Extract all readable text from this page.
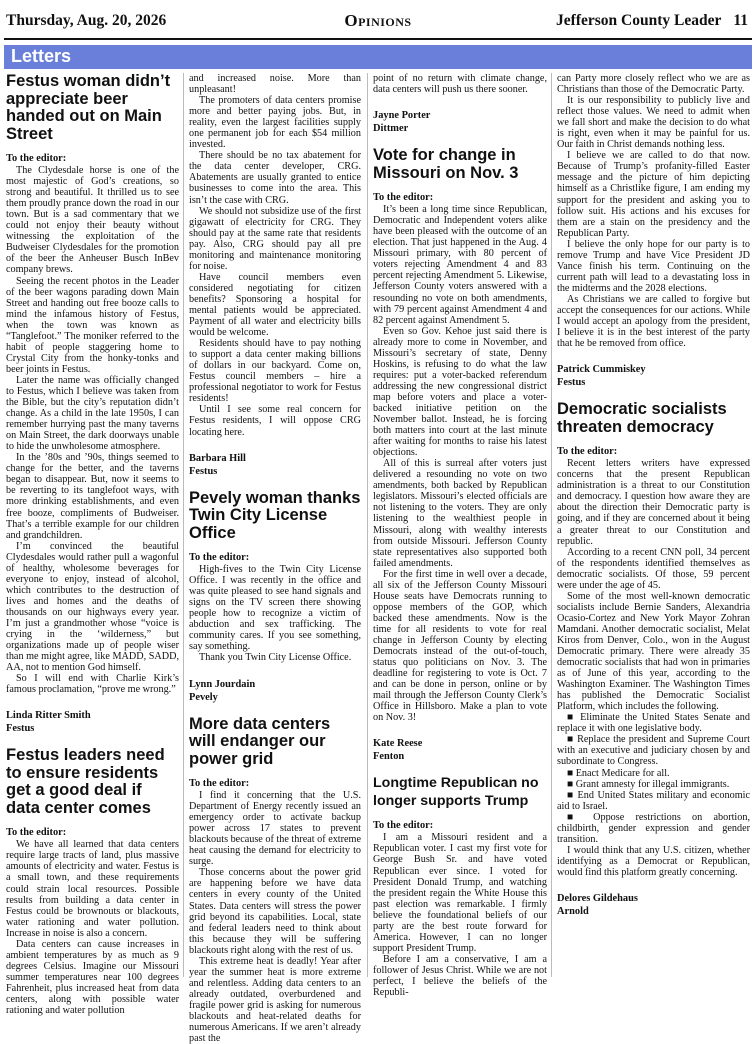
Thursday, Aug. 20, 2026	Opinions	Jefferson County Leader 11
Letters
Festus woman didn’t appreciate beer handed out on Main Street
To the editor:

The Clydesdale horse is one of the most majestic of God’s creations, so strong and beautiful. It thrilled us to see them proudly prance down the road in our town. But is a sad commentary that we could not enjoy their beauty without witnessing the exploitation of the Budweiser Clydesdales for the promotion of the beer the Anheuser Busch InBev company brews.

Seeing the recent photos in the Leader of the beer wagons parading down Main Street and handing out free booze calls to mind the infamous history of Festus, when the town was known as “Tanglefoot.” The moniker referred to the habit of people staggering home to Crystal City from the honky-tonks and beer joints in Festus.

Later the name was officially changed to Festus, which I believe was taken from the Bible, but the city’s reputation didn’t change. As a child in the late 1950s, I can remember hurrying past the many taverns on Main Street, the dark doorways unable to hide the unwholesome atmosphere.

In the ’80s and ’90s, things seemed to change for the better, and the taverns began to disappear. But, now it seems to be reverting to its tanglefoot ways, with more drinking establishments, and even free booze, compliments of Budweiser. That’s a terrible example for our children and grandchildren.

I’m convinced the beautiful Clydesdales would rather pull a wagonful of healthy, wholesome beverages for everyone to enjoy, instead of alcohol, which contributes to the destruction of lives and homes and the deaths of thousands on our highways every year. I’m just a grandmother whose “voice is crying in the ‘wilderness,” but organizations made up of people wiser than me might agree, like MADD, SADD, AA, not to mention God himself.

So I will end with Charlie Kirk’s famous proclamation, “prove me wrong.”

Linda Ritter Smith
Festus
Festus leaders need to ensure residents get a good deal if data center comes
To the editor:

We have all learned that data centers require large tracts of land, plus massive amounts of electricity and water. Festus is a small town, and these requirements could strain local resources. Possible results from building a data center in Festus could be brownouts or blackouts, water rationing and water pollution. Increase in noise is also a concern.

Data centers can cause increases in ambient temperatures by as much as 9 degrees Celsius. Imagine our Missouri summer temperatures near 100 degrees Fahrenheit, plus increased heat from data centers, along with possible water rationing and water pollution

and increased noise. More than unpleasant!

The promoters of data centers promise more and better paying jobs. But, in reality, even the largest facilities supply one permanent job for each $54 million invested.

There should be no tax abatement for the data center developer, CRG. Abatements are usually granted to entice businesses to come into the area. This isn’t the case with CRG.

We should not subsidize use of the first gigawatt of electricity for CRG. They should pay at the same rate that residents pay. Also, CRG should pay all pre monitoring and maintenance monitoring for noise.

Have council members even considered negotiating for citizen benefits? Sponsoring a hospital for mental patients would be appreciated. Payment of all water and electricity bills would be welcome.

Residents should have to pay nothing to support a data center making billions of dollars in our backyard. Come on, Festus council members – hire a professional negotiator to work for Festus residents!

Until I see some real concern for Festus residents, I will oppose CRG locating here.

Barbara Hill
Festus
Pevely woman thanks Twin City License Office
To the editor:

High-fives to the Twin City License Office. I was recently in the office and was quite pleased to see hand signals and signs on the TV screen there showing people how to recognize a victim of abduction and sex trafficking. The community cares. If you see something, say something.

Thank you Twin City License Office.

Lynn Jourdain
Pevely
More data centers will endanger our power grid
To the editor:

I find it concerning that the U.S. Department of Energy recently issued an emergency order to activate backup power across 17 states to prevent blackouts because of the threat of extreme heat causing the demand for electricity to surge.

Those concerns about the power grid are happening before we have data centers in every county of the United States. Data centers will stress the power grid beyond its capabilities. Local, state and federal leaders need to think about this because they will be suffering blackouts right along with the rest of us.

This extreme heat is deadly! Year after year the summer heat is more extreme and relentless. Adding data centers to an already outdated, overburdened and fragile power grid is asking for numerous blackouts and heat-related deaths for numerous Americans. If we aren’t already past the

point of no return with climate change, data centers will push us there sooner.

Jayne Porter
Dittmer
Vote for change in Missouri on Nov. 3
To the editor:

It’s been a long time since Republican, Democratic and Independent voters alike have been pleased with the outcome of an election. That just happened in the Aug. 4 Missouri primary, with 80 percent of voters rejecting Amendment 4 and 83 percent rejecting Amendment 5. Likewise, Jefferson County voters answered with a resounding no vote on both amendments, with 79 percent against Amendment 4 and 82 percent against Amendment 5.

Even so Gov. Kehoe just said there is already more to come in November, and Missouri’s secretary of state, Denny Hoskins, is refusing to do what the law requires: put a voter-backed referendum addressing the new congressional district map before voters and place a voter-backed initiative petition on the November ballot. Instead, he is forcing both matters into court at the last minute after waiting for months to raise his latest objections.

All of this is surreal after voters just delivered a resounding no vote on two amendments, both backed by Republican legislators. Missouri’s elected officials are not listening to the voters. They are only listening to the wealthiest people in Missouri, along with wealthy interests from outside Missouri. Jefferson County state representatives also supported both failed amendments.

For the first time in well over a decade, all six of the Jefferson County Missouri House seats have Democrats running to oppose members of the GOP, which backed these amendments. Now is the time for all residents to vote for real change in Jefferson County by electing Democrats instead of the out-of-touch, status quo politicians on Nov. 3. The deadline for registering to vote is Oct. 7 and can be done in person, online or by mail through the Jefferson County Clerk’s Office in Hillsboro. Make a plan to vote on Nov. 3!

Kate Reese
Fenton
Longtime Republican no longer supports Trump
To the editor:

I am a Missouri resident and a Republican voter. I cast my first vote for George Bush Sr. and have voted Republican ever since. I voted for President Donald Trump, and watching the president regain the White House this past election was remarkable. I firmly believe the foundational beliefs of our party are the best route forward for America. However, I can no longer support President Trump.

Before I am a conservative, I am a follower of Jesus Christ. While we are not perfect, I believe the beliefs of the Republi-

can Party more closely reflect who we are as Christians than those of the Democratic Party.

It is our responsibility to publicly live and reflect those values. We need to admit when we fall short and make the decision to do what is right, even when it may be painful for us. Our faith in Christ demands nothing less.

I believe we are called to do that now. Because of Trump’s profanity-filled Easter message and the picture of him depicting himself as a Christlike figure, I am ending my support for the president and asking you to follow suit. His actions and his excuses for them are a stain on the presidency and the Republican Party.

I believe the only hope for our party is to remove Trump and have Vice President JD Vance finish his term. Continuing on the current path will lead to a devastating loss in the midterms and the 2028 elections.

As Christians we are called to forgive but accept the consequences for our actions. While I would accept an apology from the president, I believe it is in the best interest of the party that he be removed from office.

Patrick Cummiskey
Festus
Democratic socialists threaten democracy
To the editor:

Recent letters writers have expressed concerns that the present Republican administration is a threat to our Constitution and democracy. I question how aware they are about the direction their Democratic party is going, and if they are concerned about it being a greater threat to our Constitution and republic.

According to a recent CNN poll, 34 percent of the respondents identified themselves as democratic socialists. Of those, 59 percent were under the age of 45.

Some of the most well-known democratic socialists include Bernie Sanders, Alexandria Ocasio-Cortez and New York Mayor Zohran Mamdani. Another democratic socialist, Melat Kiros from Denver, Colo., won in the August Democratic primary. There were already 35 democratic socialists that had won in primaries as of June of this year, according to the Washington Examiner. The Washington Times has published the Democratic Socialist Platform, which includes the following.

■ Eliminate the United States Senate and replace it with one legislative body.

■ Replace the president and Supreme Court with an executive and judiciary chosen by and subordinate to Congress.

■ Enact Medicare for all.

■ Grant amnesty for illegal immigrants.

■ End United States military and economic aid to Israel.

■ Oppose restrictions on abortion, childbirth, gender expression and gender transition.

I would think that any U.S. citizen, whether identifying as a Democrat or Republican, would find this platform greatly concerning.

Delores Gildehaus
Arnold
